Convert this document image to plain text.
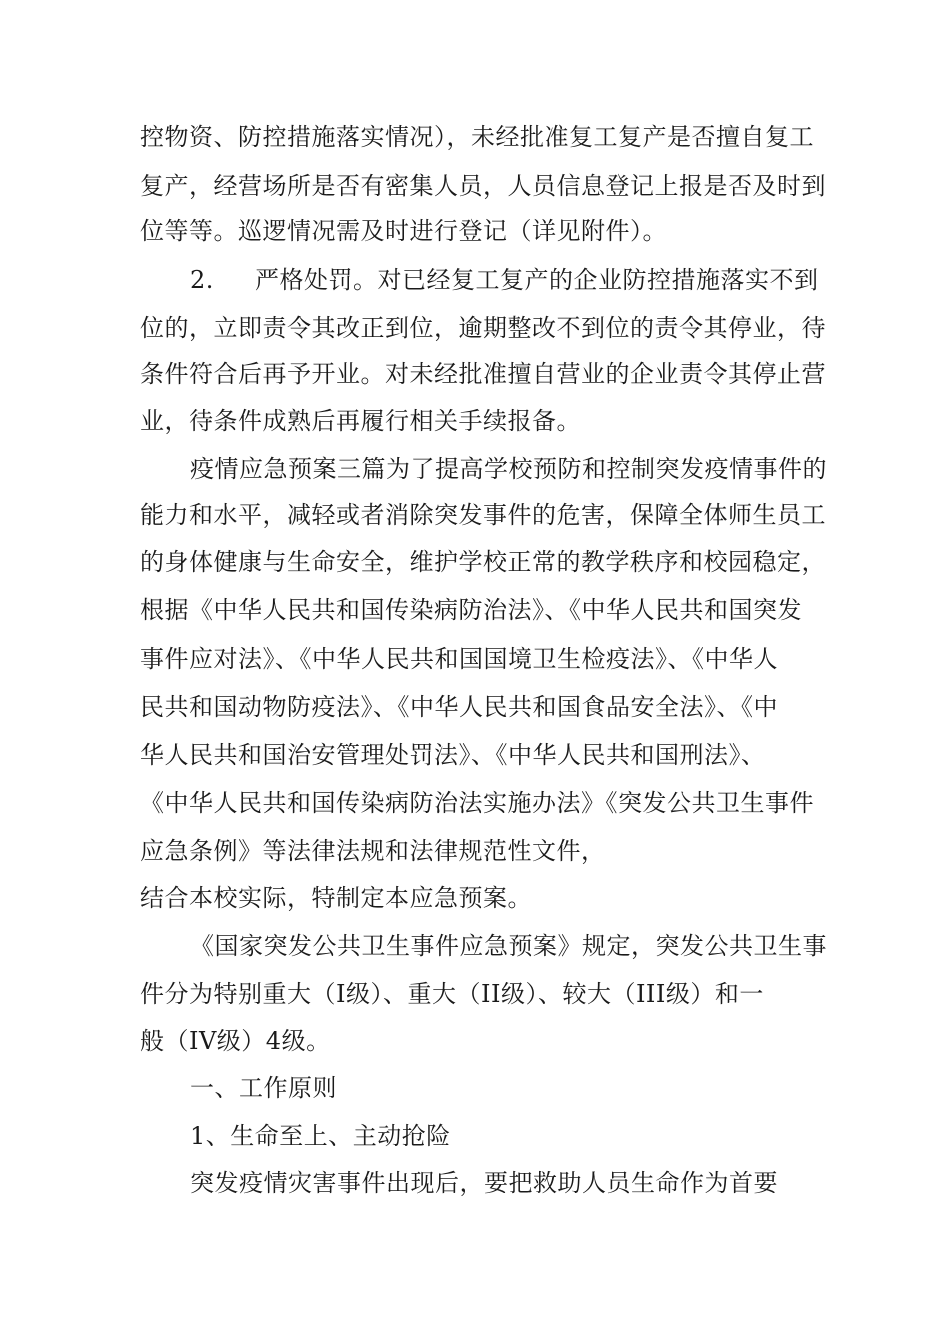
控物资、防控措施落实情况），未经批准复工复产是否擅自复工
复产，经营场所是否有密集人员，人员信息登记上报是否及时到
位等等。巡逻情况需及时进行登记（详见附件）。
2. 严格处罚。对已经复工复产的企业防控措施落实不到
位的，立即责令其改正到位，逾期整改不到位的责令其停业，待
条件符合后再予开业。对未经批准擅自营业的企业责令其停止营
业，待条件成熟后再履行相关手续报备。
疫情应急预案三篇为了提高学校预防和控制突发疫情事件的
能力和水平，减轻或者消除突发事件的危害，保障全体师生员工
的身体健康与生命安全，维护学校正常的教学秩序和校园稳定，
根据《中华人民共和国传染病防治法》、《中华人民共和国突发
事件应对法》、《中华人民共和国国境卫生检疫法》、《中华人
民共和国动物防疫法》、《中华人民共和国食品安全法》、《中
华人民共和国治安管理处罚法》、《中华人民共和国刑法》、
《中华人民共和国传染病防治法实施办法》《突发公共卫生事件
应急条例》等法律法规和法律规范性文件，
结合本校实际，特制定本应急预案。
《国家突发公共卫生事件应急预案》规定，突发公共卫生事
件分为特别重大（I级）、重大（II级）、较大（III级）和一
般（IV级）4级。
一、工作原则
1、生命至上、主动抢险
突发疫情灾害事件出现后，要把救助人员生命作为首要
